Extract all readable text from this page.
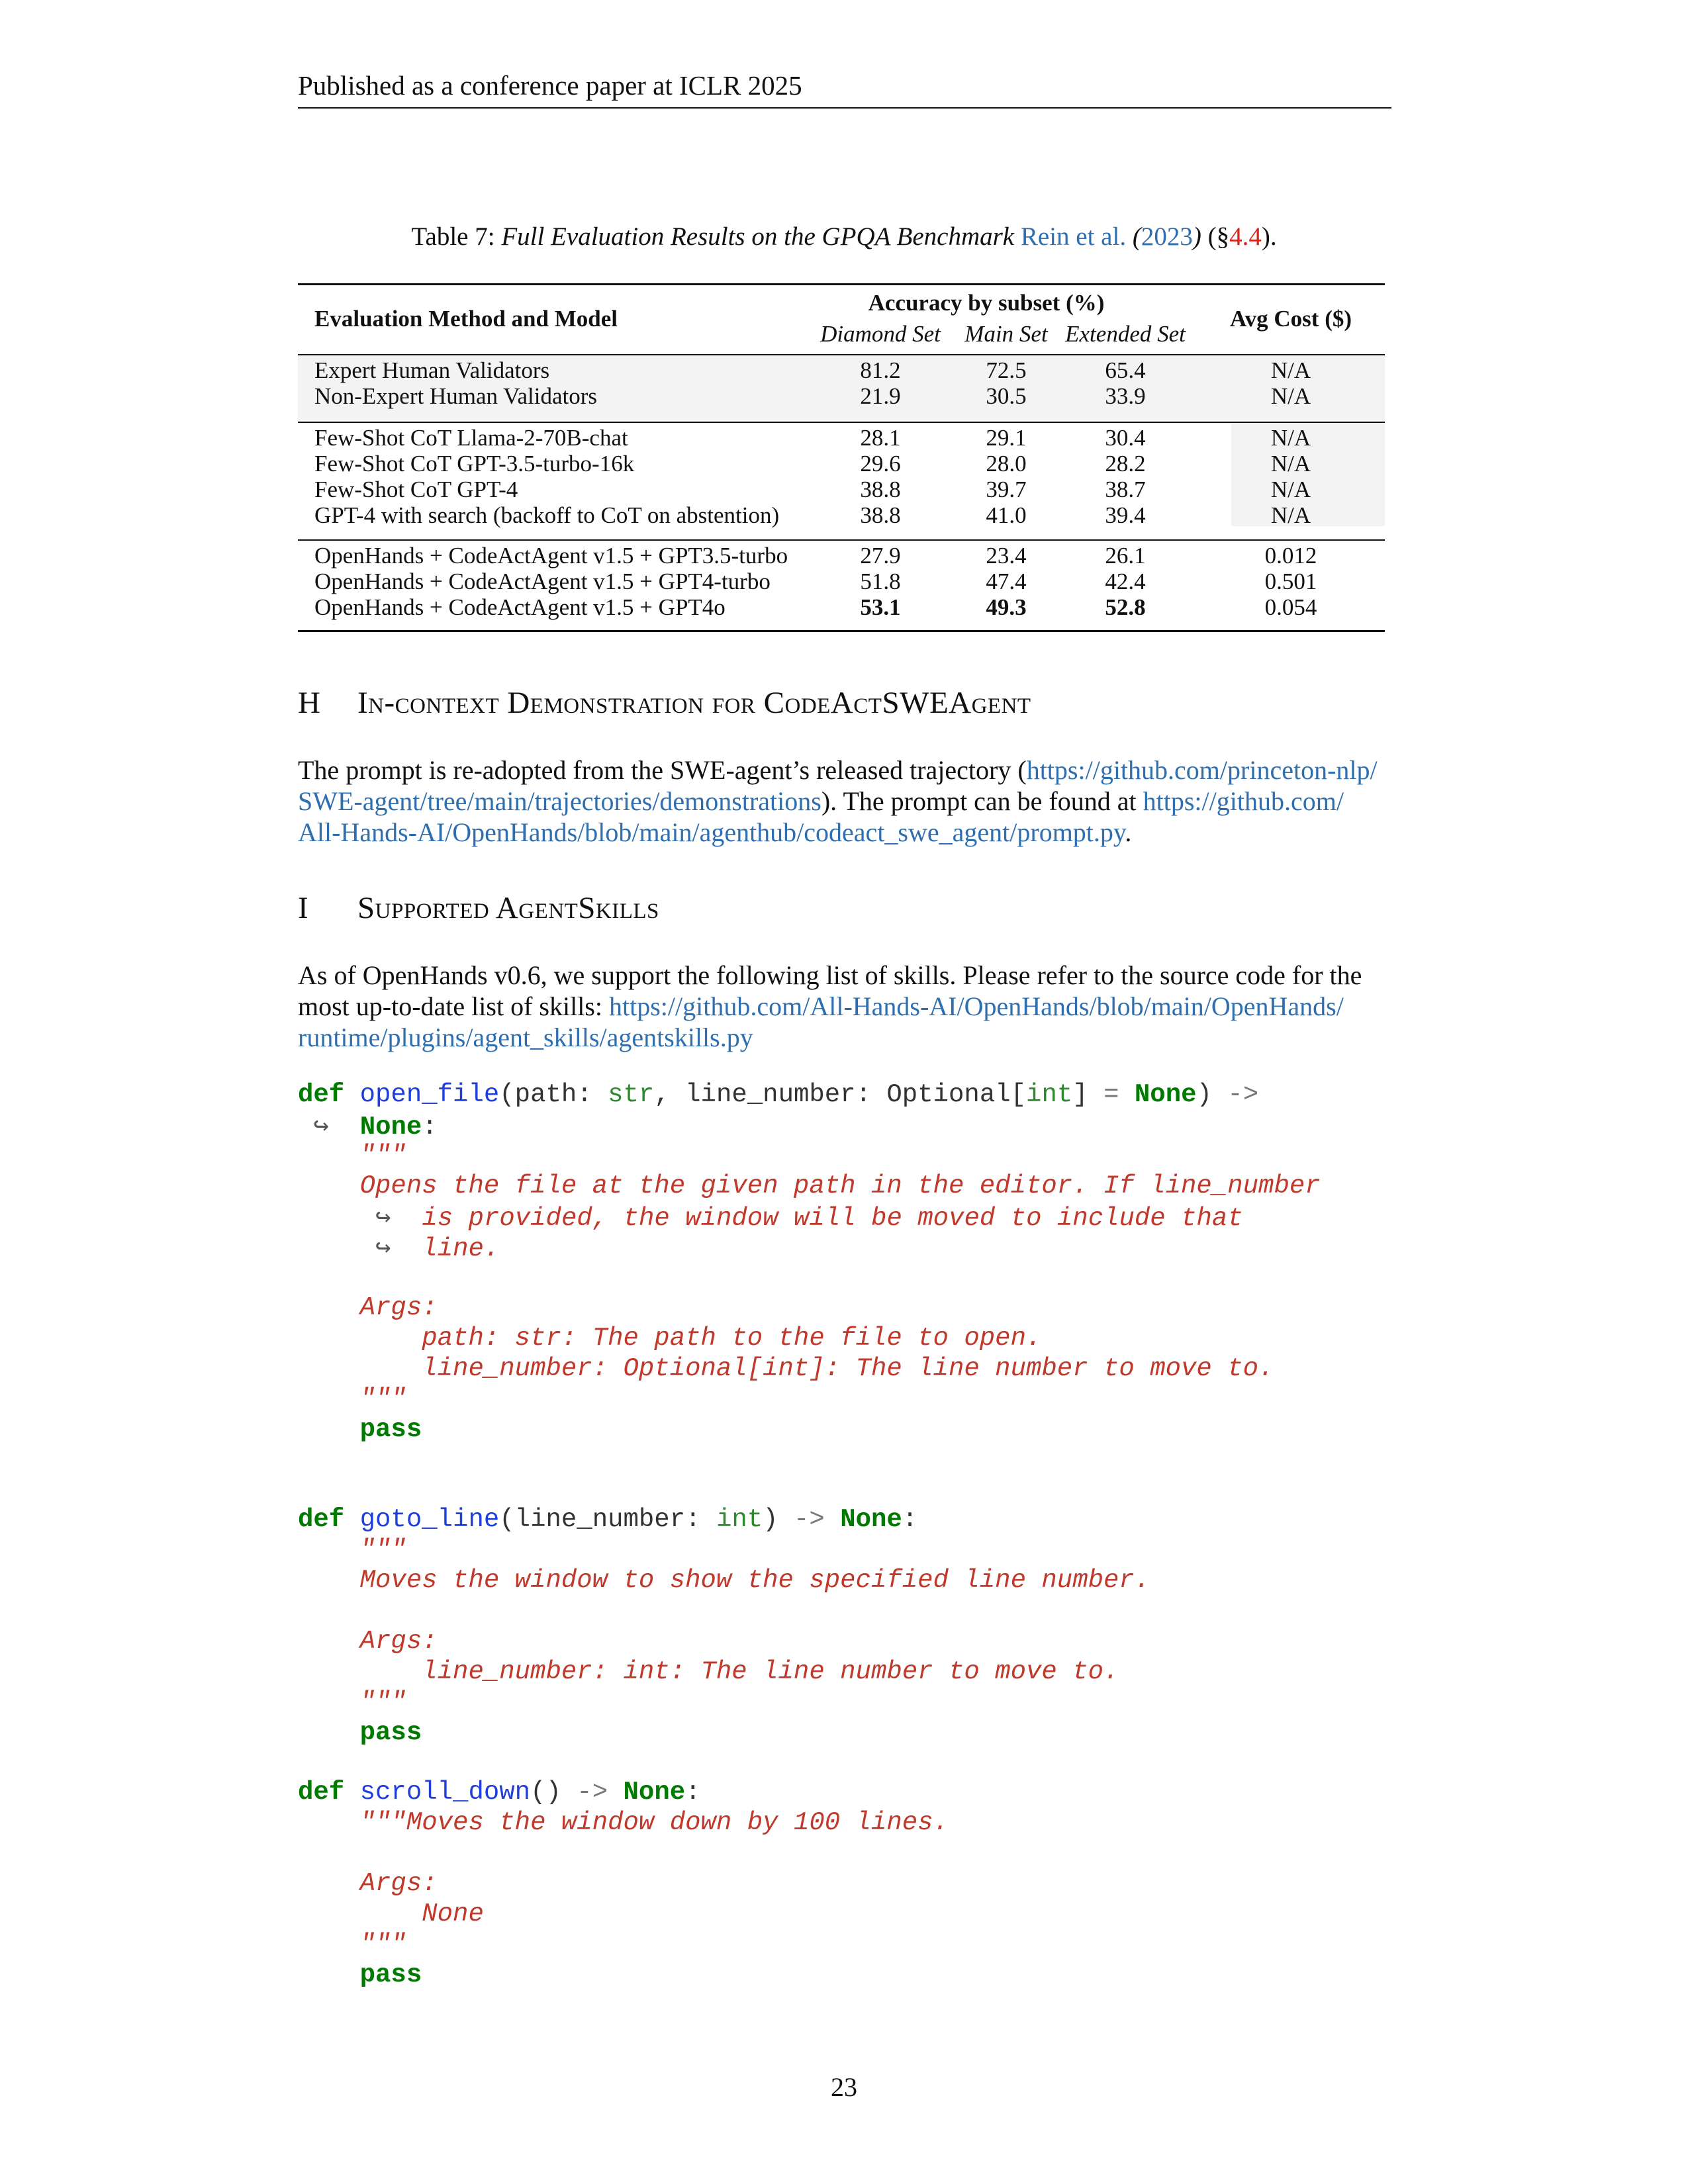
Published as a conference paper at ICLR 2025
Table 7: Full Evaluation Results on the GPQA Benchmark Rein et al. (2023) (§4.4).
Evaluation Method and Model
Accuracy by subset (%)
Diamond Set	Main Set Extended Set
Avg Cost ($)
Expert Human Validators	81.2	72.5	65.4	N/A
Non-Expert Human Validators	21.9	30.5	33.9	N/A
Few-Shot CoT Llama-2-70B-chat	28.1	29.1	30.4	N/A
Few-Shot CoT GPT-3.5-turbo-16k	29.6	28.0	28.2	N/A
Few-Shot CoT GPT-4	38.8	39.7	38.7	N/A
GPT-4 with search (backoff to CoT on abstention)	38.8	41.0	39.4	N/A
OpenHands + CodeActAgent v1.5 + GPT3.5-turbo	27.9	23.4	26.1	0.012
OpenHands + CodeActAgent v1.5 + GPT4-turbo	51.8	47.4	42.4	0.501
OpenHands + CodeActAgent v1.5 + GPT4o	53.1	49.3	52.8	0.054
H In-context Demonstration for CodeActSWEAgent
The prompt is re-adopted from the SWE-agent’s released trajectory (https://github.com/princeton-nlp/
SWE-agent/tree/main/trajectories/demonstrations). The prompt can be found at https://github.com/
All-Hands-AI/OpenHands/blob/main/agenthub/codeact_swe_agent/prompt.py.
I Supported AgentSkills
As of OpenHands v0.6, we support the following list of skills. Please refer to the source code for the
most up-to-date list of skills: https://github.com/All-Hands-AI/OpenHands/blob/main/OpenHands/
runtime/plugins/agent_skills/agentskills.py
def open_file(path: str, line_number: Optional[int] = None) ->
↪ None:
"""
Opens the file at the given path in the editor. If line_number
↪ is provided, the window will be moved to include that
↪ line.
Args:
path: str: The path to the file to open.
line_number: Optional[int]: The line number to move to.
"""
pass
def goto_line(line_number: int) -> None:
"""
Moves the window to show the specified line number.
Args:
line_number: int: The line number to move to.
"""
pass
def scroll_down() -> None:
"""Moves the window down by 100 lines.
Args:
None
"""
pass
23
